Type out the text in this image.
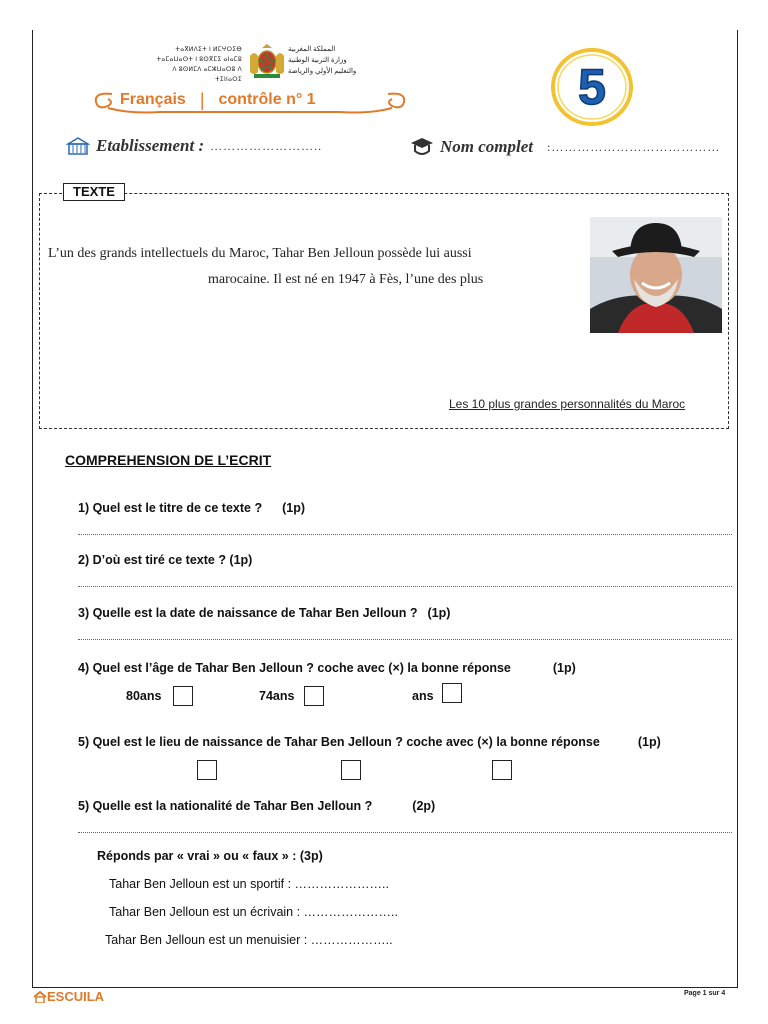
ⵜⴰⴳⵍⴷⵉⵜ ⵏ ⵍⵎⵖⵔⵉⴱ
ⵜⴰⵎⴰⵡⴰⵙⵜ ⵏ ⵓⵙⴳⵎⵉ ⴰⵏⴰⵎⵓ
ⴷ ⵓⵙⵍⵎⴷ ⴰⵎⵣⵡⴰⵔⵓ ⴷ ⵜⵉⵏⵏⴰⵔⵉ
المملكة المغربية
وزارة التربية الوطنية
والتعليم الأولي والرياضة
Français | contrôle n° 1	5
Etablissement : ……………………..	Nom complet :…………………………………
TEXTE
L’un des grands intellectuels du Maroc, Tahar Ben Jelloun possède lui aussi
marocaine. Il est né en 1947 à Fès, l’une des plus
Les 10 plus grandes personnalités du Maroc
COMPREHENSION DE L’ECRIT
1) Quel est le titre de ce texte ? (1p)
2) D’où est tiré ce texte ? (1p)
3) Quelle est la date de naissance de Tahar Ben Jelloun ? (1p)
4) Quel est l’âge de Tahar Ben Jelloun ? coche avec (×) la bonne réponse	(1p)
80ans	74ans	ans
5) Quel est le lieu de naissance de Tahar Ben Jelloun ? coche avec (×) la bonne réponse	(1p)
5) Quelle est la nationalité de Tahar Ben Jelloun ?	(2p)
Réponds par « vrai » ou « faux » : (3p)
Tahar Ben Jelloun est un sportif : …………………..
Tahar Ben Jelloun est un écrivain : …………………..
Tahar Ben Jelloun est un menuisier : ………………..
ESCUILA	Page 1 sur 4
